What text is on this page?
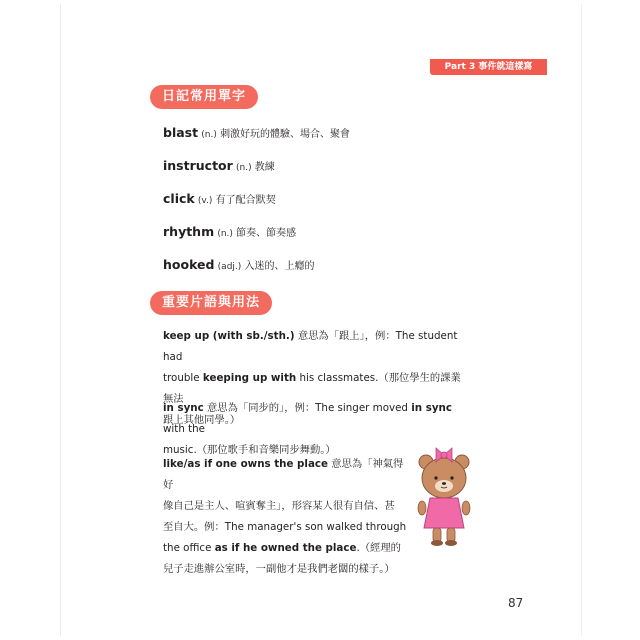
Part 3 事件就這樣寫
日記常用單字
blast (n.) 刺激好玩的體驗、場合、聚會
instructor (n.) 教練
click (v.) 有了配合默契
rhythm (n.) 節奏、節奏感
hooked (adj.) 入迷的、上癮的
重要片語與用法
keep up (with sb./sth.) 意思為「跟上」，例：The student had
trouble keeping up with his classmates.（那位學生的課業無法
跟上其他同學。）
in sync 意思為「同步的」，例：The singer moved in sync with the
music.（那位歌手和音樂同步舞動。）
like/as if one owns the place 意思為「神氣得好
像自己是主人、喧賓奪主」，形容某人很有自信、甚
至自大。例：The manager's son walked through
the office as if he owned the place.（經理的
兒子走進辦公室時，一副他才是我們老闆的樣子。）
87
